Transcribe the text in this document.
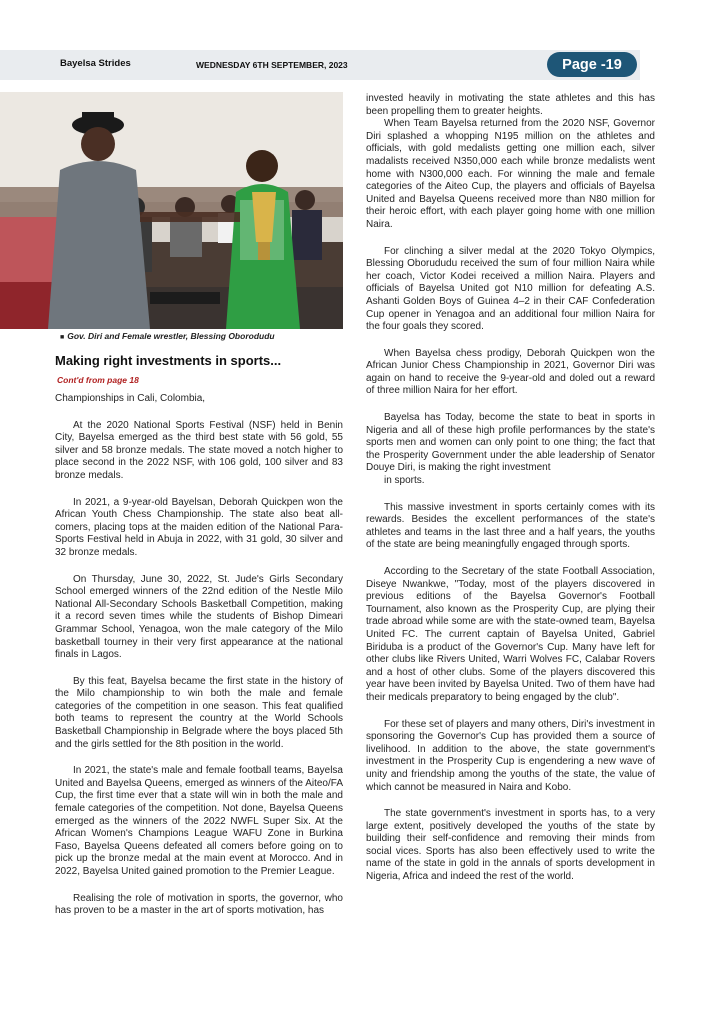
Bayelsa Strides	WEDNESDAY 6TH SEPTEMBER, 2023	Page -19
■ Gov. Diri and Female wrestler, Blessing Oborodudu
Making right investments in sports...
Cont'd from page 18

Championships in Cali, Colombia,

At the 2020 National Sports Festival (NSF) held in Benin City, Bayelsa emerged as the third best state with 56 gold, 55 silver and 58 bronze medals. The state moved a notch higher to place second in the 2022 NSF, with 106 gold, 100 silver and 83 bronze medals.

In 2021, a 9-year-old Bayelsan, Deborah Quickpen won the African Youth Chess Championship. The state also beat all-comers, placing tops at the maiden edition of the National Para-Sports Festival held in Abuja in 2022, with 31 gold, 30 silver and 32 bronze medals.

On Thursday, June 30, 2022, St. Jude's Girls Secondary School emerged winners of the 22nd edition of the Nestle Milo National All-Secondary Schools Basketball Competition, making it a record seven times while the students of Bishop Dimeari Grammar School, Yenagoa, won the male category of the Milo basketball tourney in their very first appearance at the national finals in Lagos.

By this feat, Bayelsa became the first state in the history of the Milo championship to win both the male and female categories of the competition in one season. This feat qualified both teams to represent the country at the World Schools Basketball Championship in Belgrade where the boys placed 5th and the girls settled for the 8th position in the world.

In 2021, the state's male and female football teams, Bayelsa United and Bayelsa Queens, emerged as winners of the Aiteo/FA Cup, the first time ever that a state will win in both the male and female categories of the competition. Not done, Bayelsa Queens emerged as the winners of the 2022 NWFL Super Six. At the African Women's Champions League WAFU Zone in Burkina Faso, Bayelsa Queens defeated all comers before going on to pick up the bronze medal at the main event at Morocco. And in 2022, Bayelsa United gained promotion to the Premier League.

Realising the role of motivation in sports, the governor, who has proven to be a master in the art of sports motivation, has

invested heavily in motivating the state athletes and this has been propelling them to greater heights.

When Team Bayelsa returned from the 2020 NSF, Governor Diri splashed a whopping N195 million on the athletes and officials, with gold medalists getting one million each, silver madalists received N350,000 each while bronze medalists went home with N300,000 each. For winning the male and female categories of the Aiteo Cup, the players and officials of Bayelsa United and Bayelsa Queens received more than N80 million for their heroic effort, with each player going home with one million Naira.

For clinching a silver medal at the 2020 Tokyo Olympics, Blessing Oborududu received the sum of four million Naira while her coach, Victor Kodei received a million Naira. Players and officials of Bayelsa United got N10 million for defeating A.S. Ashanti Golden Boys of Guinea 4–2 in their CAF Confederation Cup opener in Yenagoa and an additional four million Naira for the four goals they scored.

When Bayelsa chess prodigy, Deborah Quickpen won the African Junior Chess Championship in 2021, Governor Diri was again on hand to receive the 9-year-old and doled out a reward of three million Naira for her effort.

Bayelsa has Today, become the state to beat in sports in Nigeria and all of these high profile performances by the state's sports men and women can only point to one thing; the fact that the Prosperity Government under the able leadership of Senator Douye Diri, is making the right investment

in sports.

This massive investment in sports certainly comes with its rewards. Besides the excellent performances of the state's athletes and teams in the last three and a half years, the youths of the state are being meaningfully engaged through sports.

According to the Secretary of the state Football Association, Diseye Nwankwe, "Today, most of the players discovered in previous editions of the Bayelsa Governor's Football Tournament, also known as the Prosperity Cup, are plying their trade abroad while some are with the state-owned team, Bayelsa United FC. The current captain of Bayelsa United, Gabriel Biriduba is a product of the Governor's Cup. Many have left for other clubs like Rivers United, Warri Wolves FC, Calabar Rovers and a host of other clubs. Some of the players discovered this year have been invited by Bayelsa United. Two of them have had their medicals preparatory to being engaged by the club".

For these set of players and many others, Diri's investment in sponsoring the Governor's Cup has provided them a source of livelihood. In addition to the above, the state government's investment in the Prosperity Cup is engendering a new wave of unity and friendship among the youths of the state, the value of which cannot be measured in Naira and Kobo.

The state government's investment in sports has, to a very large extent, positively developed the youths of the state by building their self-confidence and removing their minds from social vices. Sports has also been effectively used to write the name of the state in gold in the annals of sports development in Nigeria, Africa and indeed the rest of the world.
